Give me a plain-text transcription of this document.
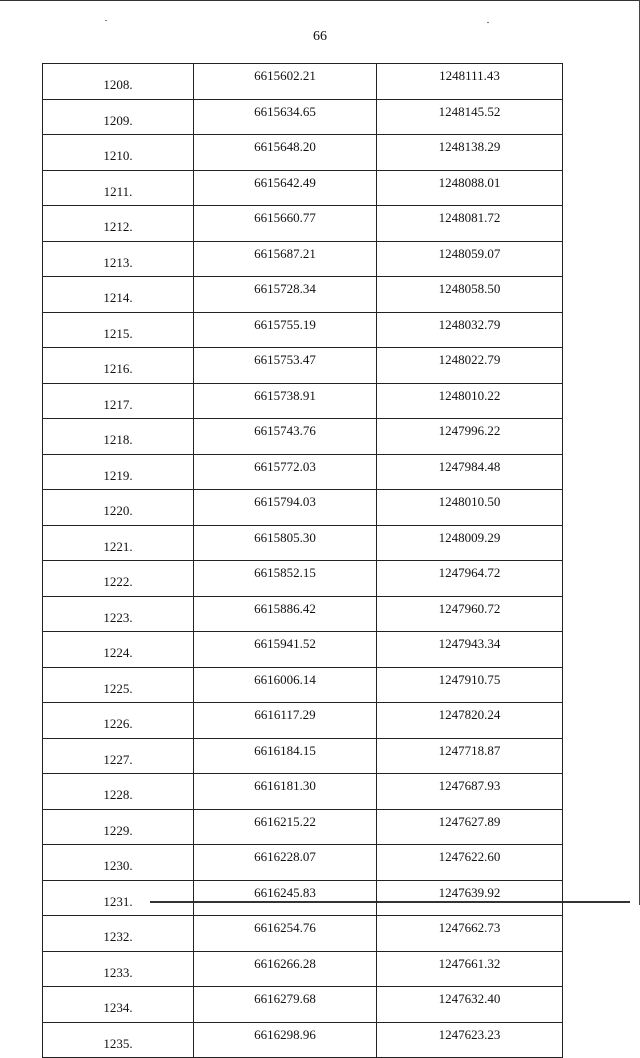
66
1208.	6615602.21	1248111.43
1209.	6615634.65	1248145.52
1210.	6615648.20	1248138.29
1211.	6615642.49	1248088.01
1212.	6615660.77	1248081.72
1213.	6615687.21	1248059.07
1214.	6615728.34	1248058.50
1215.	6615755.19	1248032.79
1216.	6615753.47	1248022.79
1217.	6615738.91	1248010.22
1218.	6615743.76	1247996.22
1219.	6615772.03	1247984.48
1220.	6615794.03	1248010.50
1221.	6615805.30	1248009.29
1222.	6615852.15	1247964.72
1223.	6615886.42	1247960.72
1224.	6615941.52	1247943.34
1225.	6616006.14	1247910.75
1226.	6616117.29	1247820.24
1227.	6616184.15	1247718.87
1228.	6616181.30	1247687.93
1229.	6616215.22	1247627.89
1230.	6616228.07	1247622.60
1231.	6616245.83	1247639.92
1232.	6616254.76	1247662.73
1233.	6616266.28	1247661.32
1234.	6616279.68	1247632.40
1235.	6616298.96	1247623.23
